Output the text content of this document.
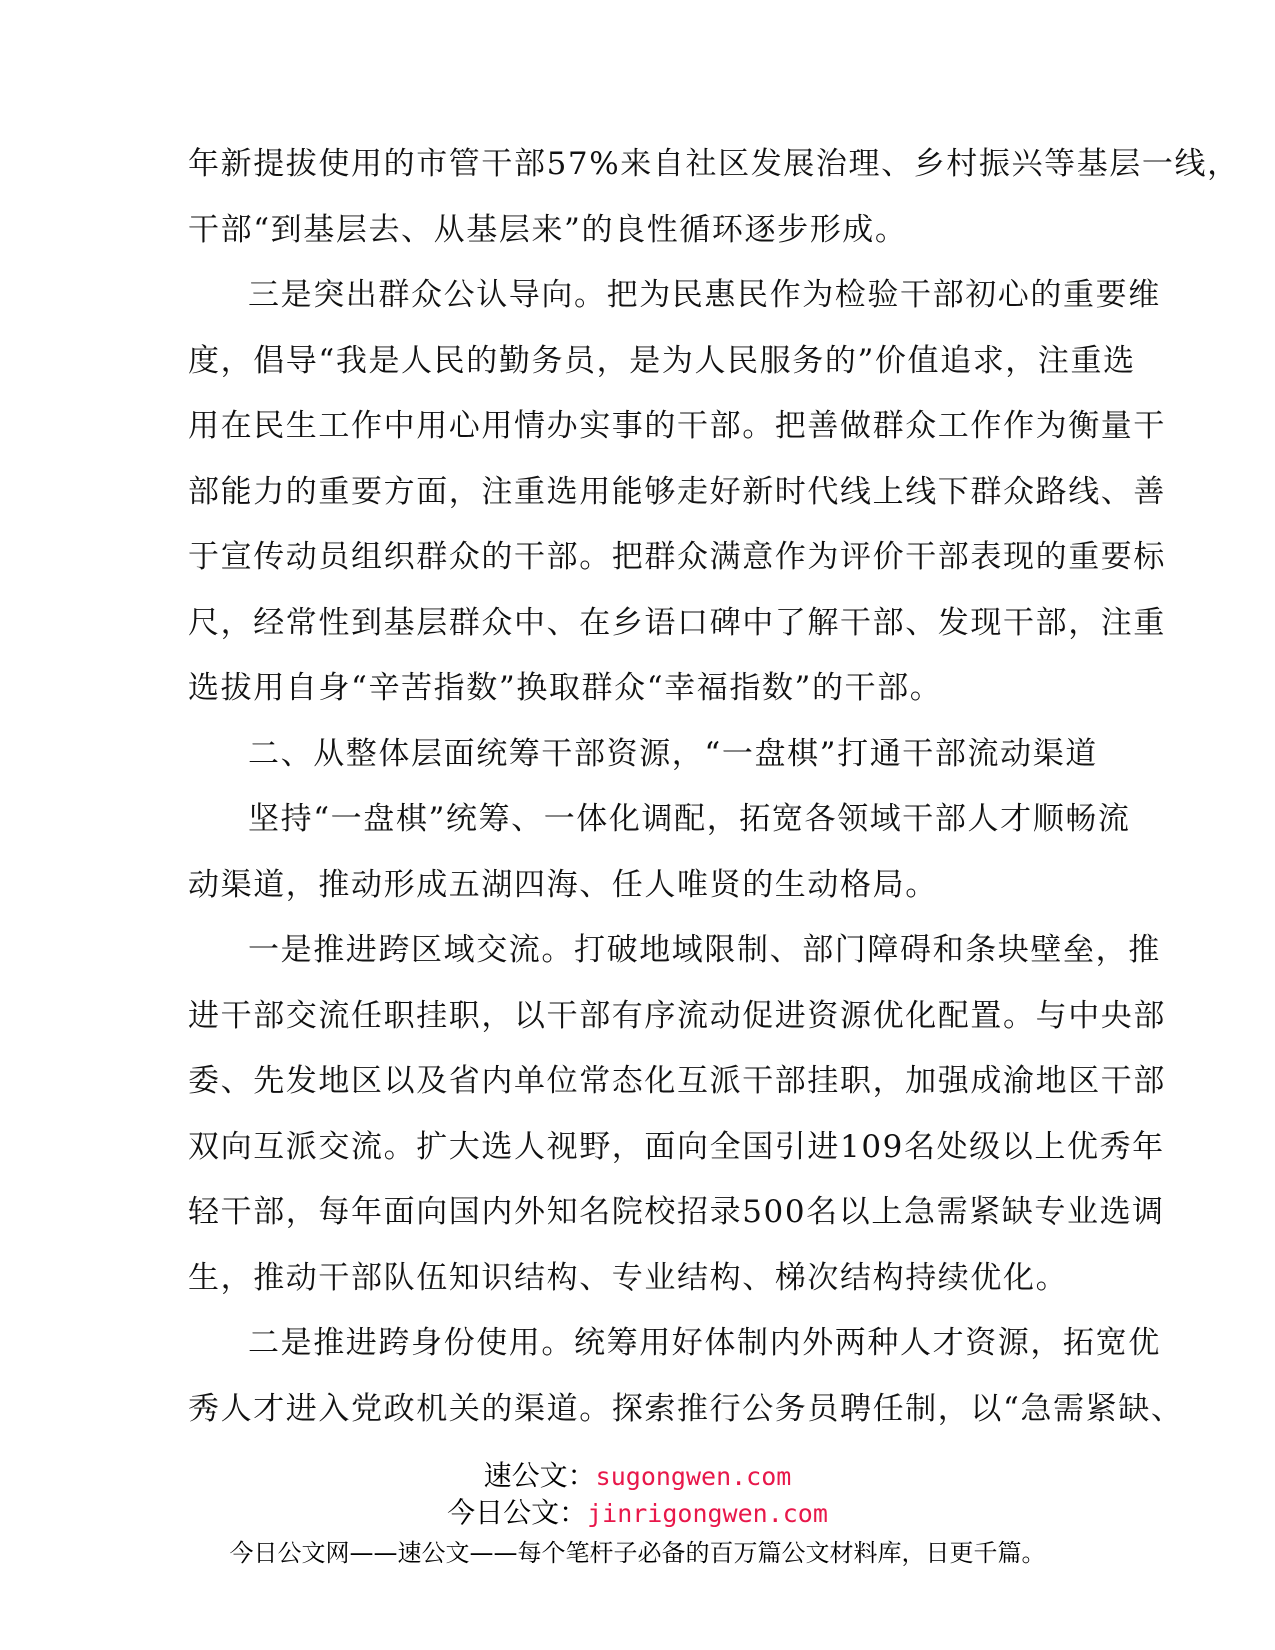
年新提拔使用的市管干部57%来自社区发展治理、乡村振兴等基层一线，
干部“到基层去、从基层来”的良性循环逐步形成。
三是突出群众公认导向。把为民惠民作为检验干部初心的重要维
度，倡导“我是人民的勤务员，是为人民服务的”价值追求，注重选
用在民生工作中用心用情办实事的干部。把善做群众工作作为衡量干
部能力的重要方面，注重选用能够走好新时代线上线下群众路线、善
于宣传动员组织群众的干部。把群众满意作为评价干部表现的重要标
尺，经常性到基层群众中、在乡语口碑中了解干部、发现干部，注重
选拔用自身“辛苦指数”换取群众“幸福指数”的干部。
二、从整体层面统筹干部资源，“一盘棋”打通干部流动渠道
坚持“一盘棋”统筹、一体化调配，拓宽各领域干部人才顺畅流
动渠道，推动形成五湖四海、任人唯贤的生动格局。
一是推进跨区域交流。打破地域限制、部门障碍和条块壁垒，推
进干部交流任职挂职，以干部有序流动促进资源优化配置。与中央部
委、先发地区以及省内单位常态化互派干部挂职，加强成渝地区干部
双向互派交流。扩大选人视野，面向全国引进109名处级以上优秀年
轻干部，每年面向国内外知名院校招录500名以上急需紧缺专业选调
生，推动干部队伍知识结构、专业结构、梯次结构持续优化。
二是推进跨身份使用。统筹用好体制内外两种人才资源，拓宽优
秀人才进入党政机关的渠道。探索推行公务员聘任制，以“急需紧缺、
速公文：sugongwen.com
今日公文：jinrigongwen.com
今日公文网——速公文——每个笔杆子必备的百万篇公文材料库，日更千篇。
